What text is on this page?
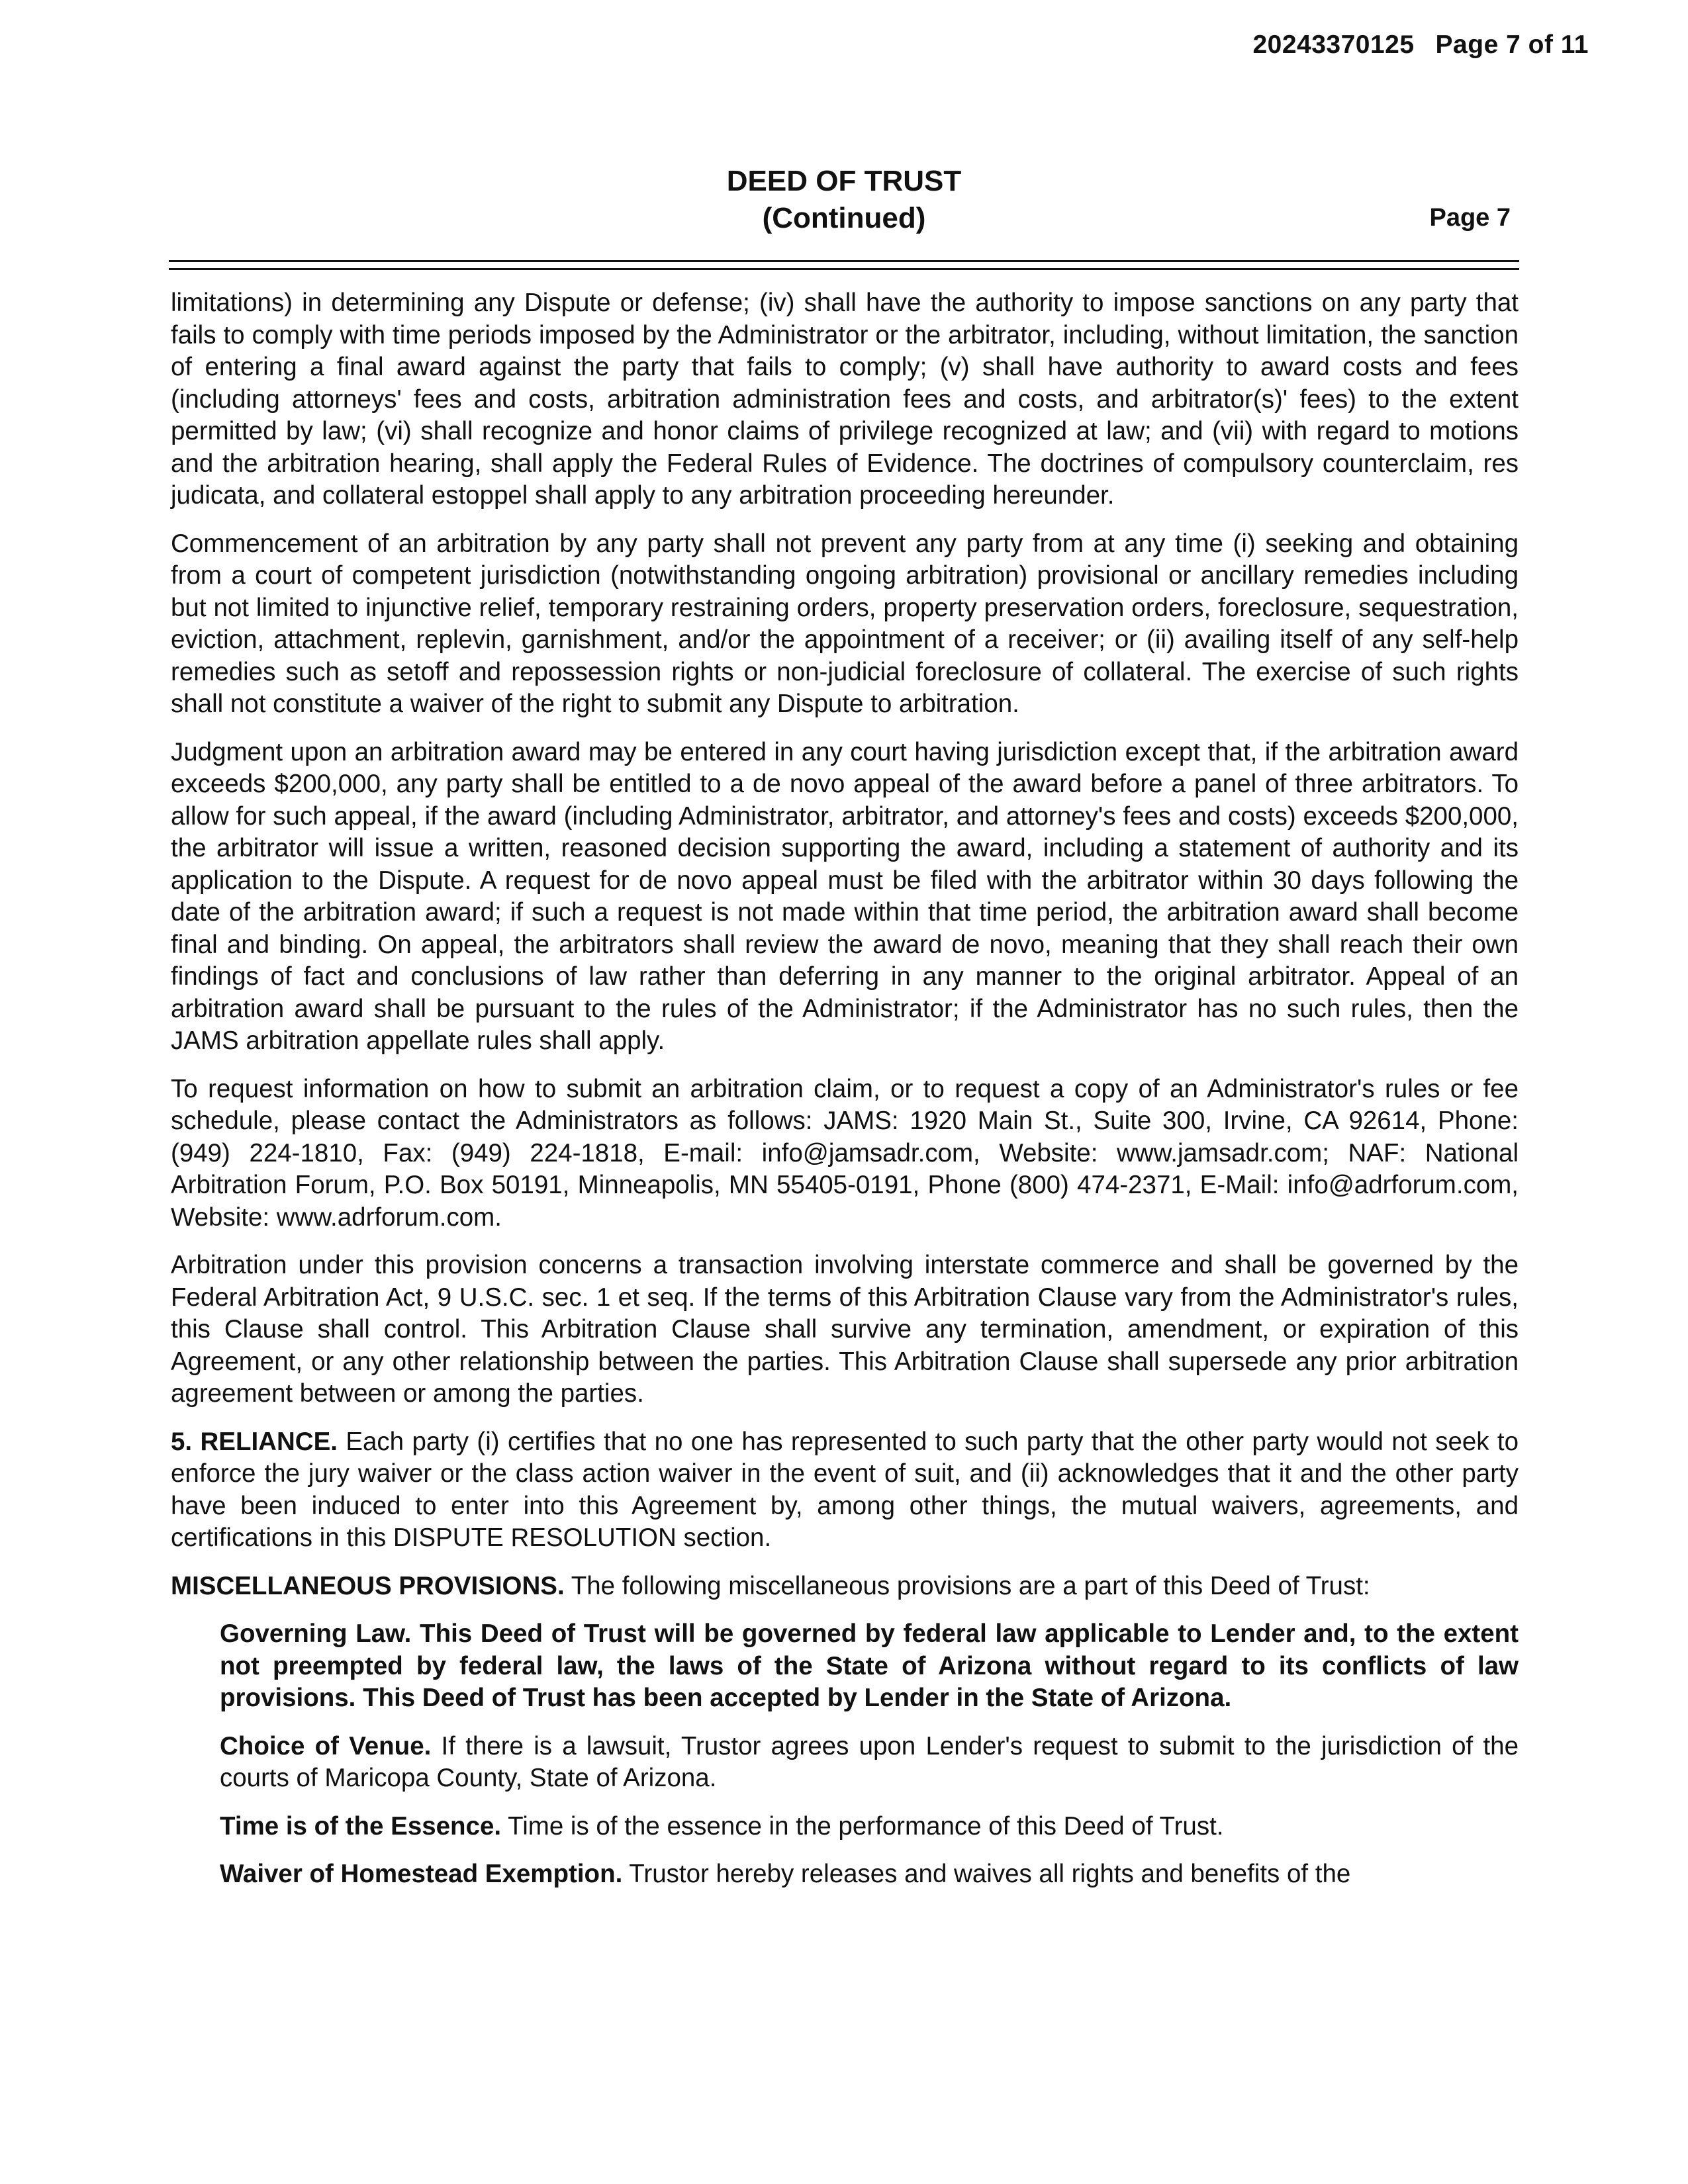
20243370125 Page 7 of 11
DEED OF TRUST
(Continued)	Page 7

limitations) in determining any Dispute or defense; (iv) shall have the authority to impose sanctions on any party that fails to comply with time periods imposed by the Administrator or the arbitrator, including, without limitation, the sanction of entering a final award against the party that fails to comply; (v) shall have authority to award costs and fees (including attorneys' fees and costs, arbitration administration fees and costs, and arbitrator(s)' fees) to the extent permitted by law; (vi) shall recognize and honor claims of privilege recognized at law; and (vii) with regard to motions and the arbitration hearing, shall apply the Federal Rules of Evidence. The doctrines of compulsory counterclaim, res judicata, and collateral estoppel shall apply to any arbitration proceeding hereunder.

Commencement of an arbitration by any party shall not prevent any party from at any time (i) seeking and obtaining from a court of competent jurisdiction (notwithstanding ongoing arbitration) provisional or ancillary remedies including but not limited to injunctive relief, temporary restraining orders, property preservation orders, foreclosure, sequestration, eviction, attachment, replevin, garnishment, and/or the appointment of a receiver; or (ii) availing itself of any self-help remedies such as setoff and repossession rights or non-judicial foreclosure of collateral. The exercise of such rights shall not constitute a waiver of the right to submit any Dispute to arbitration.

Judgment upon an arbitration award may be entered in any court having jurisdiction except that, if the arbitration award exceeds $200,000, any party shall be entitled to a de novo appeal of the award before a panel of three arbitrators. To allow for such appeal, if the award (including Administrator, arbitrator, and attorney's fees and costs) exceeds $200,000, the arbitrator will issue a written, reasoned decision supporting the award, including a statement of authority and its application to the Dispute. A request for de novo appeal must be filed with the arbitrator within 30 days following the date of the arbitration award; if such a request is not made within that time period, the arbitration award shall become final and binding. On appeal, the arbitrators shall review the award de novo, meaning that they shall reach their own findings of fact and conclusions of law rather than deferring in any manner to the original arbitrator. Appeal of an arbitration award shall be pursuant to the rules of the Administrator; if the Administrator has no such rules, then the JAMS arbitration appellate rules shall apply.

To request information on how to submit an arbitration claim, or to request a copy of an Administrator's rules or fee schedule, please contact the Administrators as follows: JAMS: 1920 Main St., Suite 300, Irvine, CA 92614, Phone: (949) 224-1810, Fax: (949) 224-1818, E-mail: info@jamsadr.com, Website: www.jamsadr.com; NAF: National Arbitration Forum, P.O. Box 50191, Minneapolis, MN 55405-0191, Phone (800) 474-2371, E-Mail: info@adrforum.com, Website: www.adrforum.com.

Arbitration under this provision concerns a transaction involving interstate commerce and shall be governed by the Federal Arbitration Act, 9 U.S.C. sec. 1 et seq. If the terms of this Arbitration Clause vary from the Administrator's rules, this Clause shall control. This Arbitration Clause shall survive any termination, amendment, or expiration of this Agreement, or any other relationship between the parties. This Arbitration Clause shall supersede any prior arbitration agreement between or among the parties.

5. RELIANCE. Each party (i) certifies that no one has represented to such party that the other party would not seek to enforce the jury waiver or the class action waiver in the event of suit, and (ii) acknowledges that it and the other party have been induced to enter into this Agreement by, among other things, the mutual waivers, agreements, and certifications in this DISPUTE RESOLUTION section.

MISCELLANEOUS PROVISIONS. The following miscellaneous provisions are a part of this Deed of Trust:

Governing Law. This Deed of Trust will be governed by federal law applicable to Lender and, to the extent not preempted by federal law, the laws of the State of Arizona without regard to its conflicts of law provisions. This Deed of Trust has been accepted by Lender in the State of Arizona.

Choice of Venue. If there is a lawsuit, Trustor agrees upon Lender's request to submit to the jurisdiction of the courts of Maricopa County, State of Arizona.

Time is of the Essence. Time is of the essence in the performance of this Deed of Trust.

Waiver of Homestead Exemption. Trustor hereby releases and waives all rights and benefits of the
